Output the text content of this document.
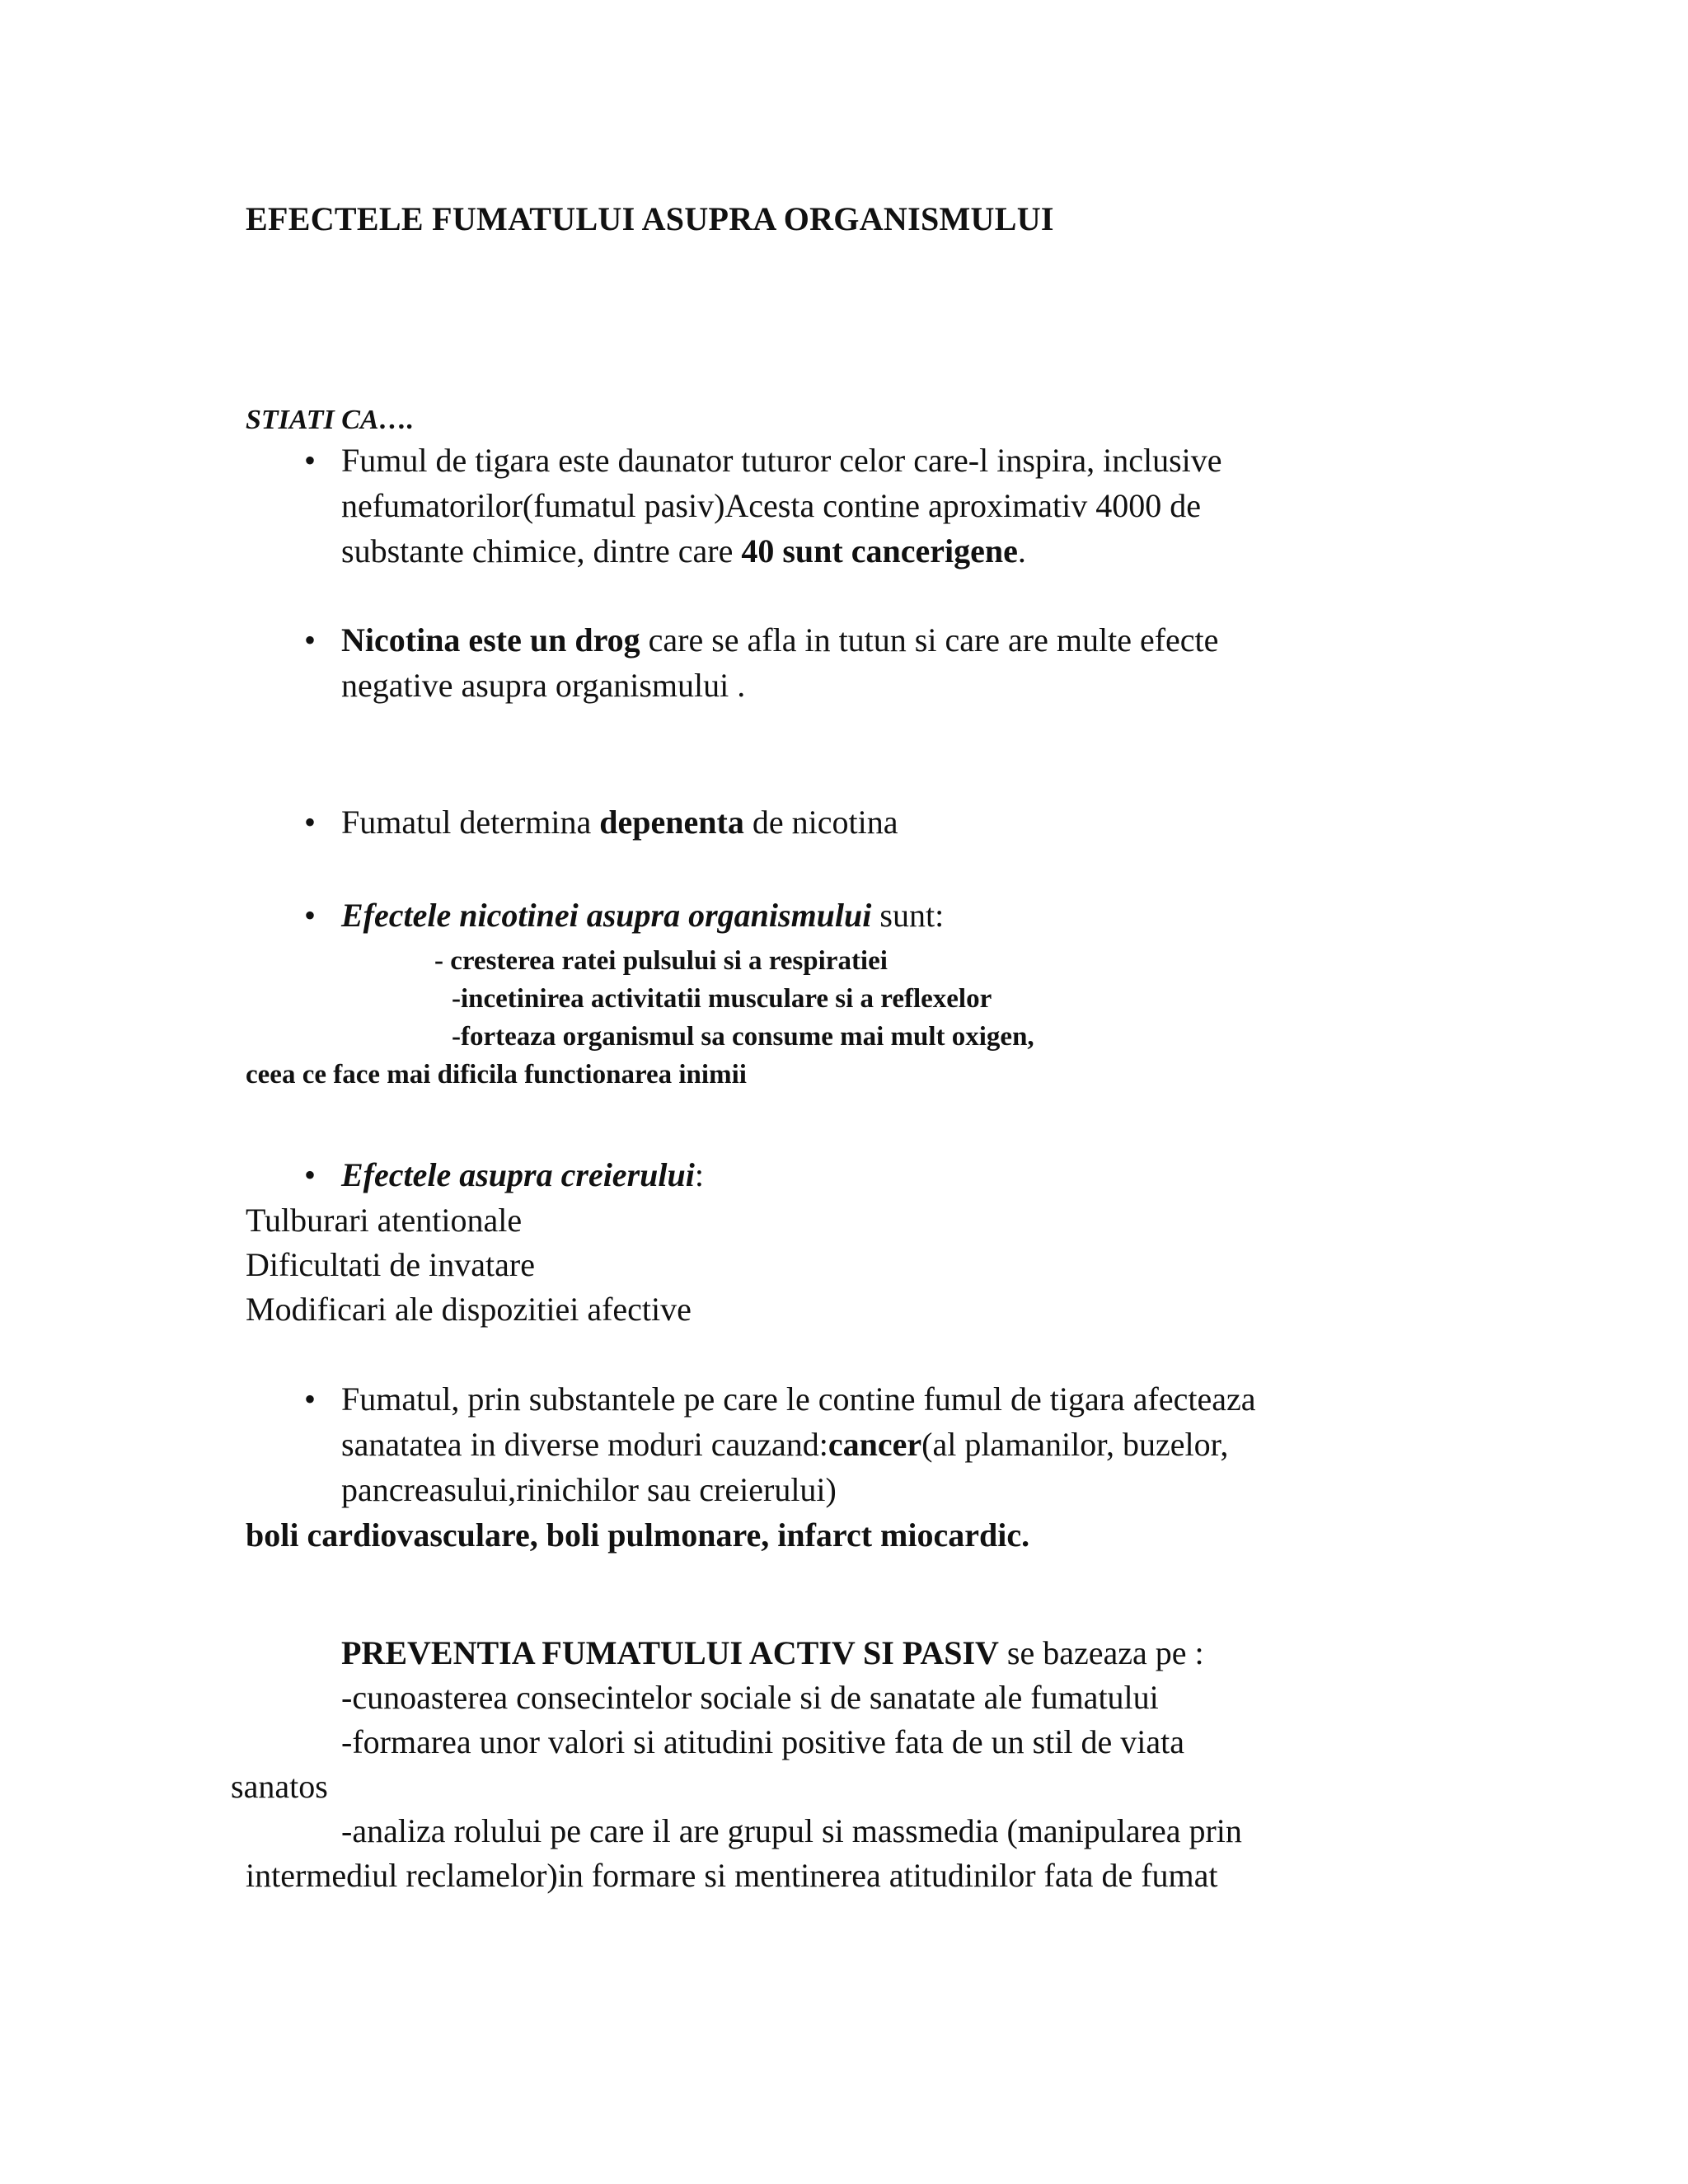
EFECTELE FUMATULUI ASUPRA ORGANISMULUI
STIATI CA….
• Fumul de tigara este daunator tuturor celor care-l inspira, inclusive
nefumatorilor(fumatul pasiv)Acesta contine aproximativ 4000 de
substante chimice, dintre care 40 sunt cancerigene.
• Nicotina este un drog care se afla in tutun si care are multe efecte
negative asupra organismului .
• Fumatul determina depenenta de nicotina
• Efectele nicotinei asupra organismului sunt:
- cresterea ratei pulsului si a respiratiei
-incetinirea activitatii musculare si a reflexelor
-forteaza organismul sa consume mai mult oxigen,
ceea ce face mai dificila functionarea inimii
• Efectele asupra creierului:
Tulburari atentionale
Dificultati de invatare
Modificari ale dispozitiei afective
• Fumatul, prin substantele pe care le contine fumul de tigara afecteaza
sanatatea in diverse moduri cauzand:cancer(al plamanilor, buzelor,
pancreasului,rinichilor sau creierului)
boli cardiovasculare, boli pulmonare, infarct miocardic.
PREVENTIA FUMATULUI ACTIV SI PASIV se bazeaza pe :
-cunoasterea consecintelor sociale si de sanatate ale fumatului
-formarea unor valori si atitudini positive fata de un stil de viata
sanatos
-analiza rolului pe care il are grupul si massmedia (manipularea prin
intermediul reclamelor)in formare si mentinerea atitudinilor fata de fumat
